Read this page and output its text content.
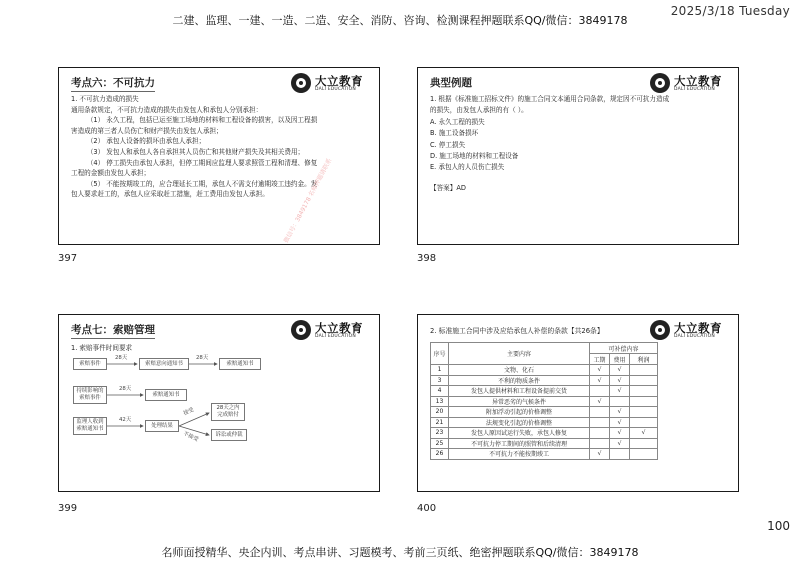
二建、监理、一建、一造、二造、安全、消防、咨询、检测课程押题联系QQ/微信：3849178
2025/3/18 Tuesday
名师面授精华、央企内训、考点串讲、习题模考、考前三页纸、绝密押题联系QQ/微信：3849178
100
考点六：不可抗力	大立教育
DALI EDUCATION

1. 不可抗力造成的损失

通用条款规定，不可抗力造成的损失由发包人和承包人分别承担：

（1） 永久工程，包括已运至施工场地的材料和工程设备的损害，以及因工程损害造成的第三者人员伤亡和财产损失由发包人承担；

（2） 承包人设备的损坏由承包人承担；

（3） 发包人和承包人各自承担其人员伤亡和其他财产损失及其相关费用；

（4） 停工损失由承包人承担，但停工期间应监理人要求照管工程和清理、修复工程的金额由发包人承担；

（5） 不能按期竣工的，应合理延长工期，承包人不需支付逾期竣工违约金。发包人要求赶工的，承包人应采取赶工措施，赶工费用由发包人承担。	微信号：3849178 名师押题请联系
397
典型例题	大立教育
DALI EDUCATION

1. 根据《标准施工招标文件》的施工合同文本通用合同条款，规定因不可抗力造成的损失，由发包人承担的有（ ）。

A. 永久工程的损失

B. 施工设备损坏

C. 停工损失

D. 施工场地的材料和工程设备

E. 承包人的人员伤亡损失

【答案】AD

398
考点七：索赔管理	大立教育
DALI EDUCATION
1. 索赔事件时间要求
索赔事件
28天
索赔意向通知书
28天
索赔通知书
持续影响的索赔事件
28天
索赔通知书
监理人收到索赔通知书
42天
处理结果
接受
不接受
28天之内完成赔付
诉讼或仲裁
399
2. 标准施工合同中涉及应给承包人补偿的条款【共26条】	大立教育
DALI EDUCATION
序号	主要内容	可补偿内容		
		工期	费用	利润
1	文物、化石	√	√	
3	不利的物质条件	√	√	
4	发包人提供材料和工程设备提前交货		√	
13	异常恶劣的气候条件	√		
20	附加浮动引起的价格调整		√	
21	法规变化引起的价格调整		√	
23	发包人原因试运行失败，承包人修复		√	√
25	不可抗力停工期间的照管和后续清理		√	
26	不可抗力不能按期竣工	√		
400
